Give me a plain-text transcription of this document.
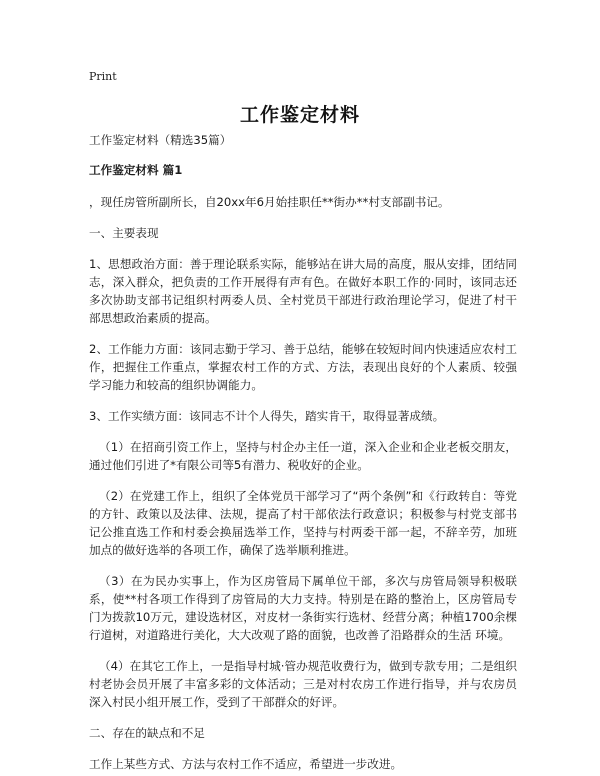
Print
工作鉴定材料

工作鉴定材料（精选35篇）

工作鉴定材料 篇1

，现任房管所副所长，自20xx年6月始挂职任**街办**村支部副书记。

一、主要表现

1、思想政治方面：善于理论联系实际，能够站在讲大局的高度，服从安排，团结同志，深入群众，把负责的工作开展得有声有色。在做好本职工作的·同时，该同志还多次协助支部书记组织村两委人员、全村党员干部进行政治理论学习，促进了村干部思想政治素质的提高。

2、工作能力方面：该同志勤于学习、善于总结，能够在较短时间内快速适应农村工作，把握住工作重点，掌握农村工作的方式、方法，表现出良好的个人素质、较强学习能力和较高的组织协调能力。

3、工作实绩方面：该同志不计个人得失，踏实肯干，取得显著成绩。

（1）在招商引资工作上，坚持与村企办主任一道，深入企业和企业老板交朋友，通过他们引进了*有限公司等5有潜力、税收好的企业。

（2）在党建工作上，组织了全体党员干部学习了“两个条例”和《行政转自：等党的方针、政策以及法律、法规，提高了村干部依法行政意识；积极参与村党支部书记公推直选工作和村委会换届选举工作，坚持与村两委干部一起，不辞辛劳，加班加点的做好选举的各项工作，确保了选举顺利推进。

（3）在为民办实事上，作为区房管局下属单位干部，多次与房管局领导积极联系，使**村各项工作得到了房管局的大力支持。特别是在路的整治上，区房管局专门为拨款10万元，建设选材区，对皮材一条街实行选材、经营分离；种植1700余棵行道树，对道路进行美化，大大改观了路的面貌，也改善了沿路群众的生活 环境。

（4）在其它工作上，一是指导村城·管办规范收费行为，做到专款专用；二是组织村老协会员开展了丰富多彩的文体活动；三是对村农房工作进行指导，并与农房员深入村民小组开展工作，受到了干部群众的好评。

二、存在的缺点和不足

工作上某些方式、方法与农村工作不适应，希望进一步改进。
